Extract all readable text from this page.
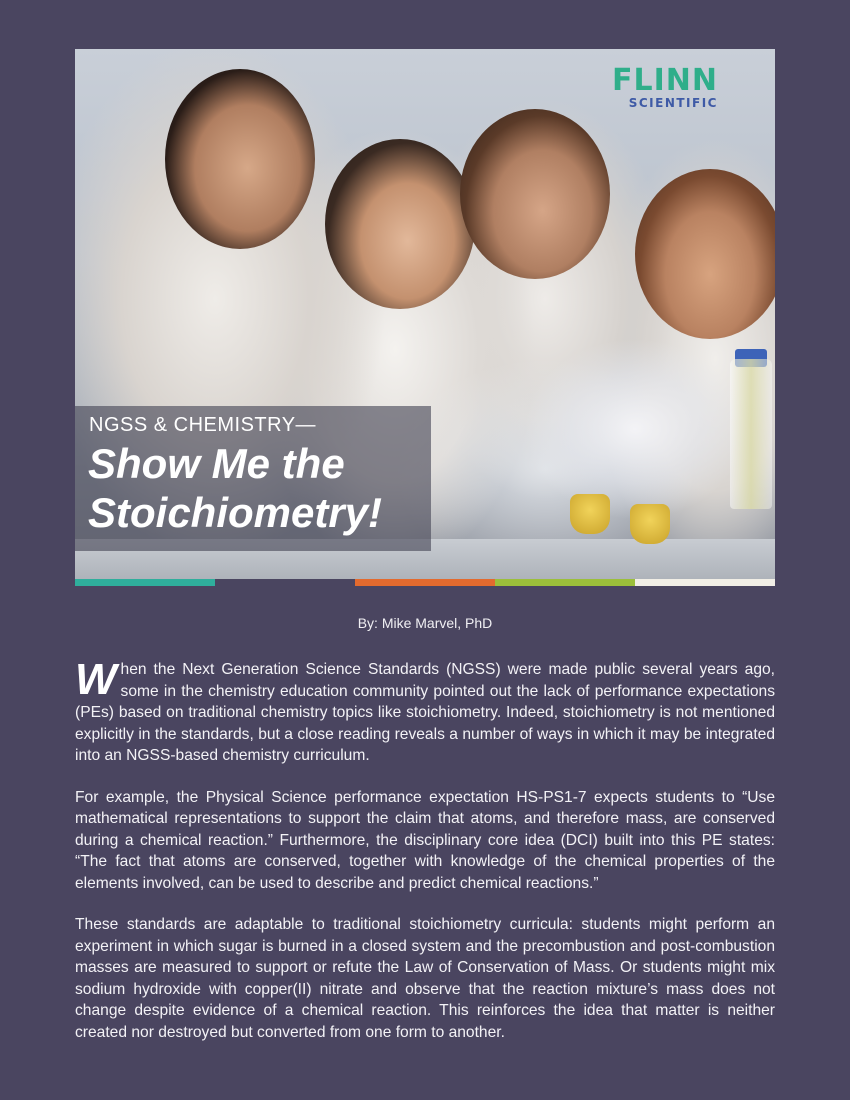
FLINN
SCIENTIFIC
NGSS & CHEMISTRY—
Show Me the
Stoichiometry!
By: Mike Marvel, PhD

When the Next Generation Science Standards (NGSS) were made public several years ago, some in the chemistry education community pointed out the lack of performance expectations (PEs) based on traditional chemistry topics like stoichiometry. Indeed, stoichiometry is not mentioned explicitly in the standards, but a close reading reveals a number of ways in which it may be integrated into an NGSS-based chemistry curriculum.

For example, the Physical Science performance expectation HS-PS1-7 expects students to “Use mathematical representations to support the claim that atoms, and therefore mass, are conserved during a chemical reaction.” Furthermore, the disciplinary core idea (DCI) built into this PE states: “The fact that atoms are conserved, together with knowledge of the chemical properties of the elements involved, can be used to describe and predict chemical reactions.”

These standards are adaptable to traditional stoichiometry curricula: students might perform an experiment in which sugar is burned in a closed system and the precombustion and post-combustion masses are measured to support or refute the Law of Conservation of Mass. Or students might mix sodium hydroxide with copper(II) nitrate and observe that the reaction mixture’s mass does not change despite evidence of a chemical reaction. This reinforces the idea that matter is neither created nor destroyed but converted from one form to another.
